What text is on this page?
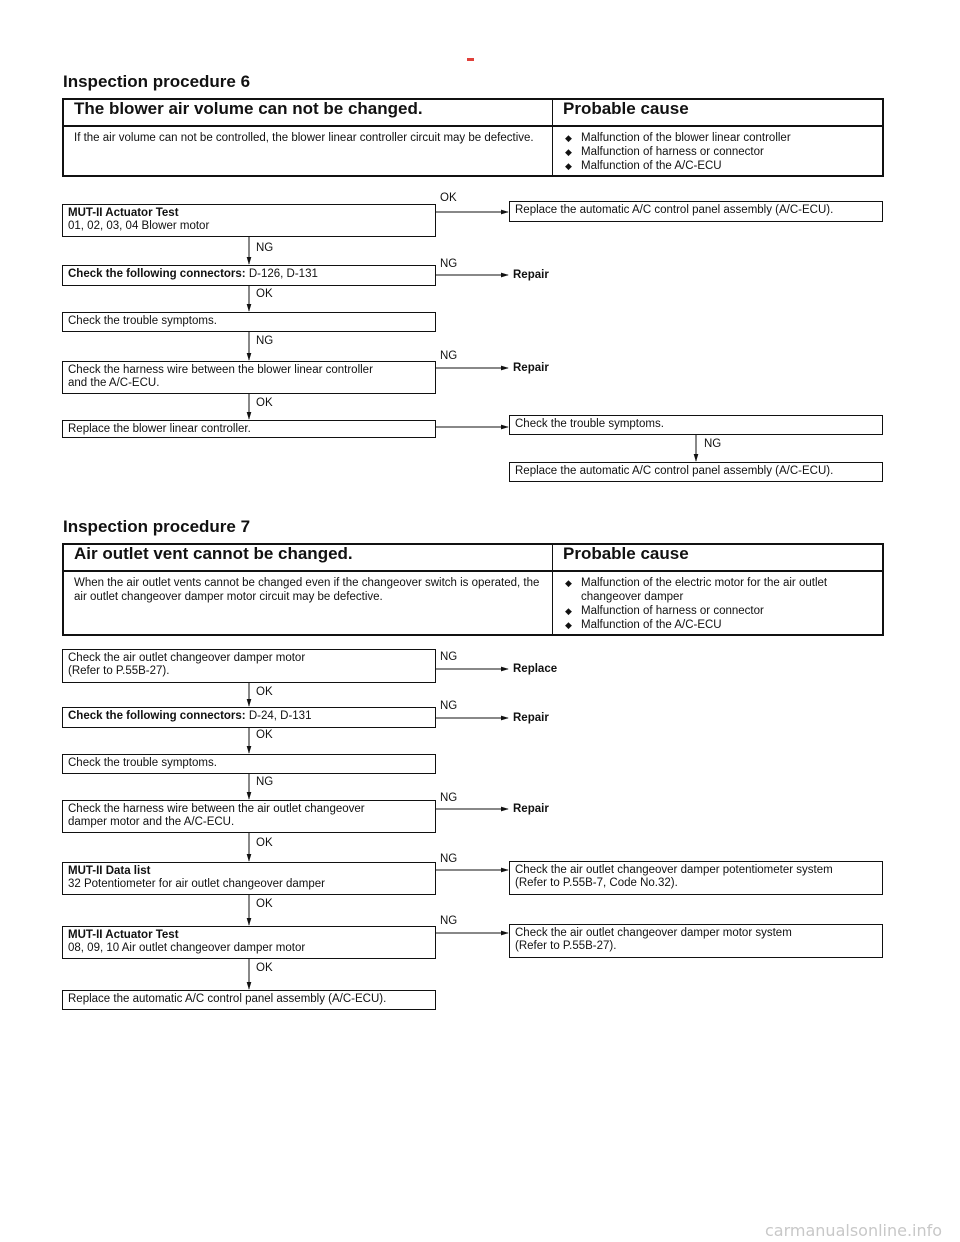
Inspection procedure 6
The blower air volume can not be changed.	Probable cause
If the air volume can not be controlled, the blower linear controller circuit may be defective.
◆	Malfunction of the blower linear controller
◆ Malfunction of harness or connector
◆ Malfunction of the A/C-ECU
MUT-II Actuator Test
01, 02, 03, 04 Blower motor
OK
Replace the automatic A/C control panel assembly (A/C-ECU).
NG
Check the following connectors: D-126, D-131
NG
Repair
OK
Check the trouble symptoms.
NG
Check the harness wire between the blower linear controller
and the A/C-ECU.
NG
Repair
OK
Replace the blower linear controller.	Check the trouble symptoms.
NG
Replace the automatic A/C control panel assembly (A/C-ECU).
Inspection procedure 7
Air outlet vent cannot be changed.	Probable cause
When the air outlet vents cannot be changed even if the changeover switch is operated, the air outlet changeover damper motor circuit may be defective.
◆ Malfunction of the electric motor for the air outlet changeover damper
◆ Malfunction of harness or connector
◆ Malfunction of the A/C-ECU
Check the air outlet changeover damper motor
(Refer to P.55B-27).
NG
Replace
OK
Check the following connectors: D-24, D-131
NG
Repair
OK
Check the trouble symptoms.
NG
Check the harness wire between the air outlet changeover
damper motor and the A/C-ECU.
NG
Repair
OK
MUT-II Data list
32 Potentiometer for air outlet changeover damper
NG
Check the air outlet changeover damper potentiometer system
(Refer to P.55B-7, Code No.32).
OK
MUT-II Actuator Test
08, 09, 10 Air outlet changeover damper motor
NG
Check the air outlet changeover damper motor system
(Refer to P.55B-27).
OK
Replace the automatic A/C control panel assembly (A/C-ECU).
carmanualsonline.info
